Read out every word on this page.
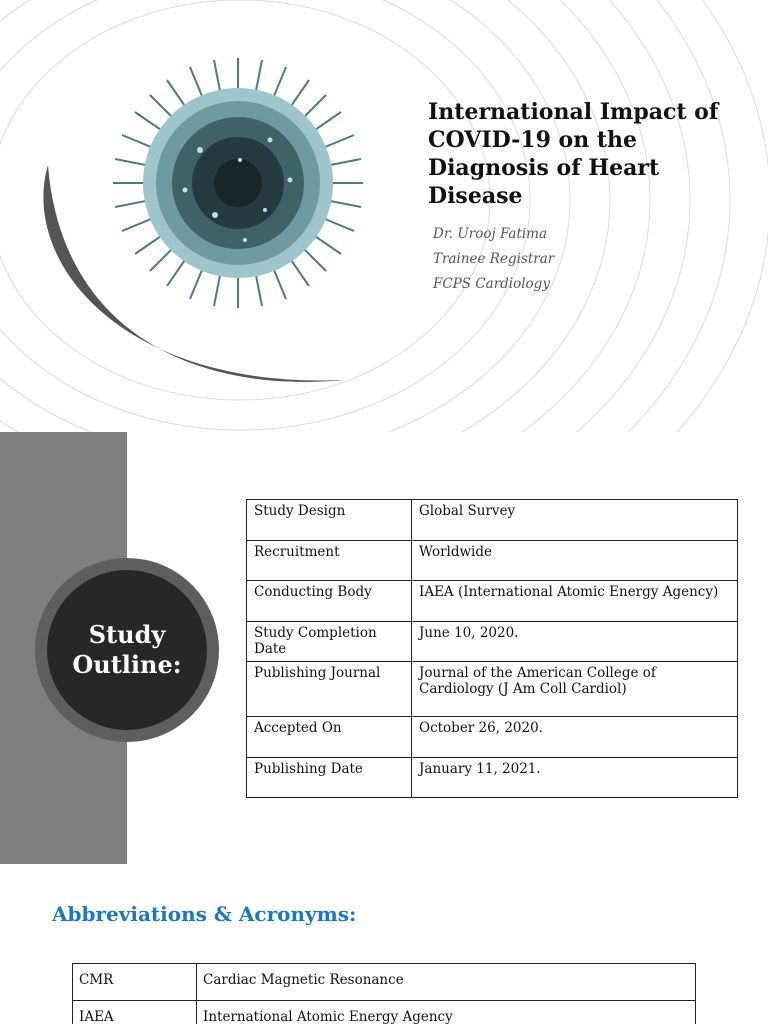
International Impact of COVID-19 on the Diagnosis of Heart Disease
Dr. Urooj Fatima
Trainee Registrar
FCPS Cardiology
Study Outline:
Study Design	Global Survey
Recruitment	Worldwide
Conducting Body	IAEA (International Atomic Energy Agency)
Study Completion Date	June 10, 2020.
Publishing Journal	Journal of the American College of Cardiology (J Am Coll Cardiol)
Accepted On	October 26, 2020.
Publishing Date	January 11, 2021.
Abbreviations & Acronyms:
CMR	Cardiac Magnetic Resonance
IAEA	International Atomic Energy Agency
